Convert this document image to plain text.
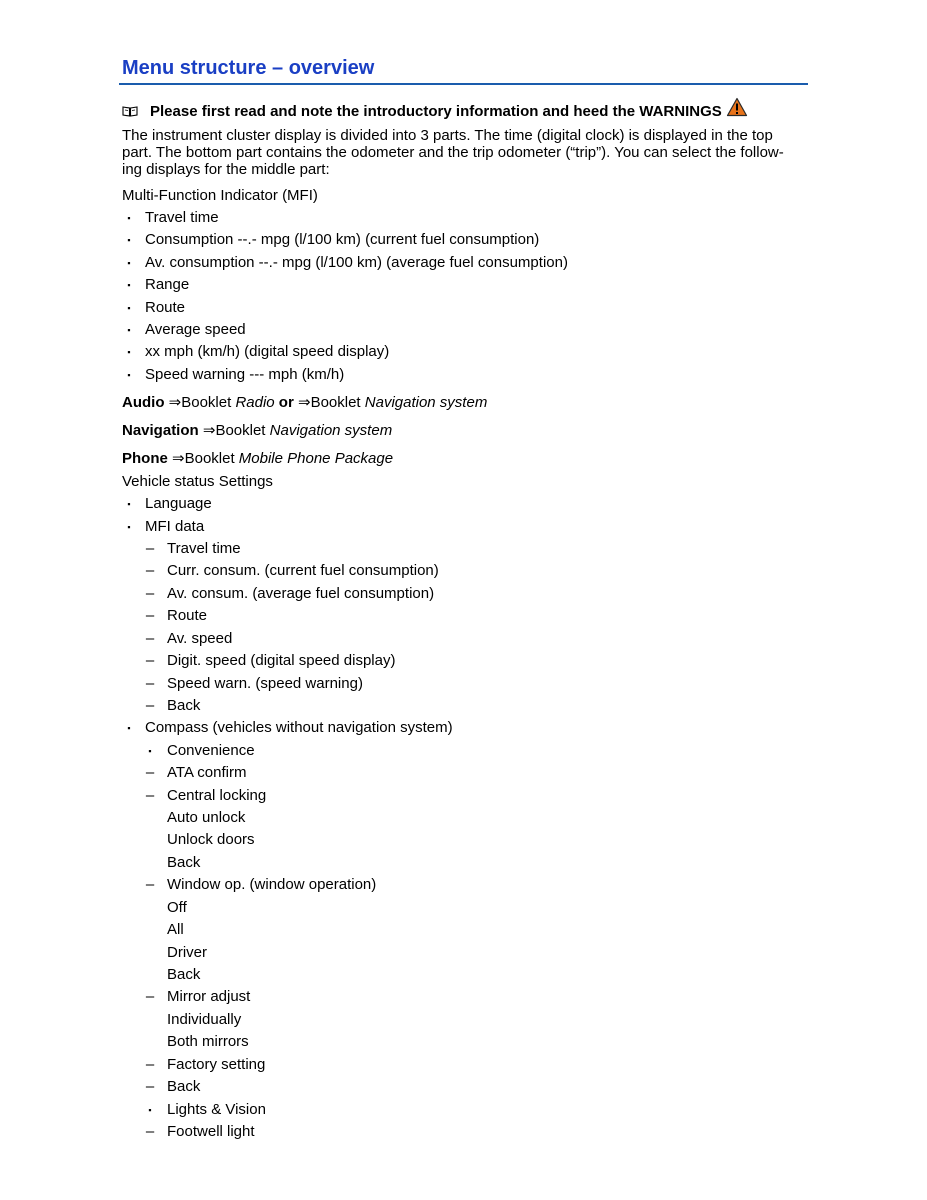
Menu structure – overview
Please first read and note the introductory information and heed the WARNINGS

The instrument cluster display is divided into 3 parts. The time (digital clock) is displayed in the top part. The bottom part contains the odometer and the trip odometer (“trip”). You can select the follow-ing displays for the middle part:

Multi-Function Indicator (MFI)
▪ Travel time
▪ Consumption --.- mpg (l/100 km) (current fuel consumption)
▪ Av. consumption --.- mpg (l/100 km) (average fuel consumption)
▪ Range
▪ Route
▪ Average speed
▪ xx mph (km/h) (digital speed display)
▪ Speed warning --- mph (km/h)
Audio ⇒Booklet Radio or ⇒Booklet Navigation system
Navigation ⇒Booklet Navigation system
Phone ⇒Booklet Mobile Phone Package
Vehicle status Settings
▪ Language
▪ MFI data
– Travel time
– Curr. consum. (current fuel consumption)
– Av. consum. (average fuel consumption)
– Route
– Av. speed
– Digit. speed (digital speed display)
– Speed warn. (speed warning)
– Back
▪ Compass (vehicles without navigation system)
▪	Convenience
– ATA confirm
– Central locking
Auto unlock
Unlock doors
Back
– Window op. (window operation)
Off
All
Driver
Back
– Mirror adjust
Individually
Both mirrors
– Factory setting
– Back
▪	Lights & Vision
– Footwell light
